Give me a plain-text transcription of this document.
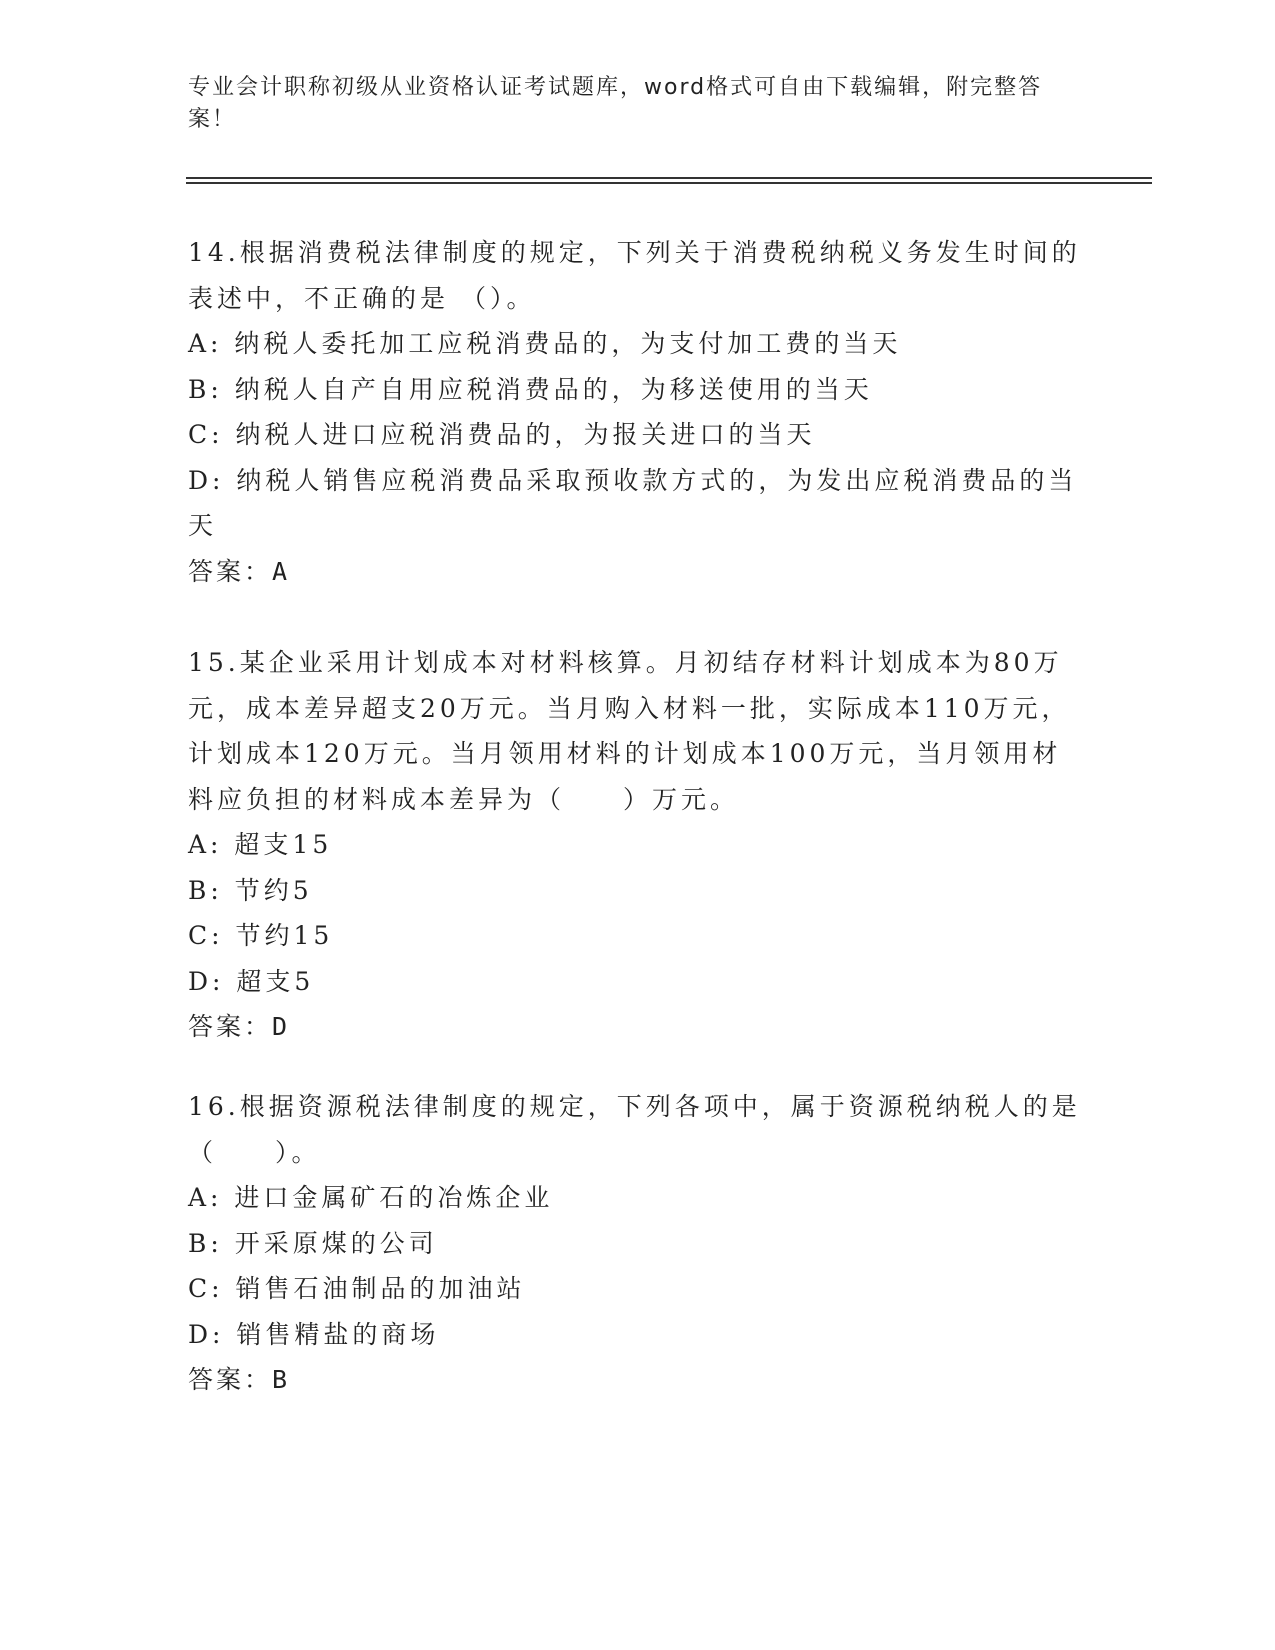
专业会计职称初级从业资格认证考试题库，word格式可自由下载编辑，附完整答案！

14.根据消费税法律制度的规定，下列关于消费税纳税义务发生时间的表述中，不正确的是 （）。

A: 纳税人委托加工应税消费品的，为支付加工费的当天

B: 纳税人自产自用应税消费品的，为移送使用的当天

C: 纳税人进口应税消费品的，为报关进口的当天

D: 纳税人销售应税消费品采取预收款方式的，为发出应税消费品的当天

答案：A

15.某企业采用计划成本对材料核算。月初结存材料计划成本为80万元，成本差异超支20万元。当月购入材料一批，实际成本110万元，计划成本120万元。当月领用材料的计划成本100万元，当月领用材料应负担的材料成本差异为（　　）万元。

A: 超支15

B: 节约5

C: 节约15

D: 超支5

答案：D

16.根据资源税法律制度的规定，下列各项中，属于资源税纳税人的是（　　）。

A: 进口金属矿石的冶炼企业

B: 开采原煤的公司

C: 销售石油制品的加油站

D: 销售精盐的商场

答案：B
